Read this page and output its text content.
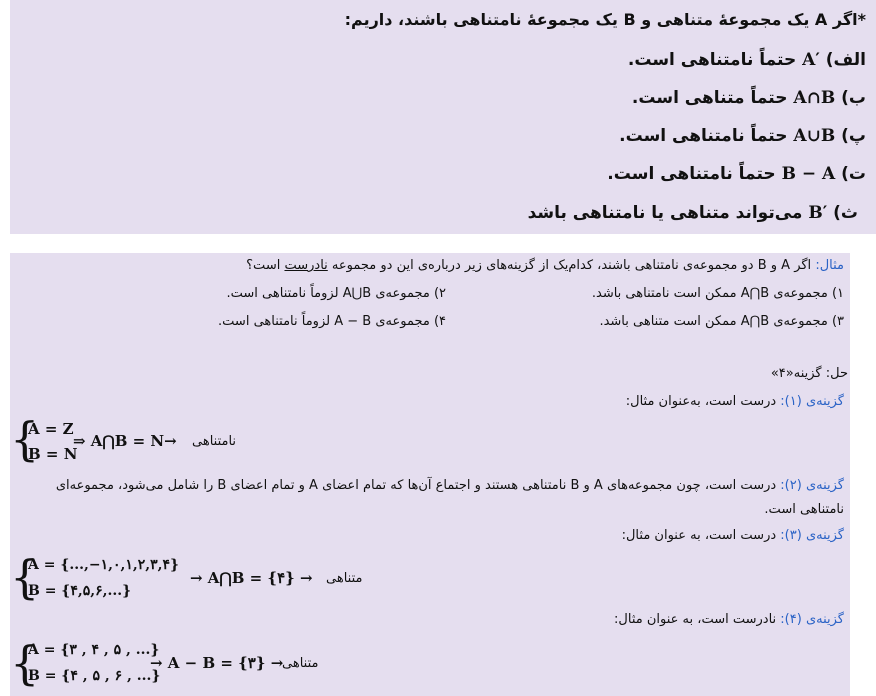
*اگر A یک مجموعهٔ متناهی و B یک مجموعهٔ نامتناهی باشند، داریم:
الف) A′ حتماً نامتناهی است.
ب) A∩B حتماً متناهی است.
پ) A∪B حتماً نامتناهی است.
ت) B − A حتماً نامتناهی است.
ث) B′ می‌تواند متناهی یا نامتناهی باشد
مثال: اگر A و B دو مجموعه‌ی نامتناهی باشند، کدام‌یک از گزینه‌های زیر درباره‌ی این دو مجموعه نادرست است؟
۱) مجموعه‌ی A⋂B ممکن است نامتناهی باشد.
۲) مجموعه‌ی A⋃B لزوماً نامتناهی است.
۳) مجموعه‌ی A⋂B ممکن است متناهی باشد.
۴) مجموعه‌ی A − B لزوماً نامتناهی است.
حل: گزینه«۴»
گزینه‌ی (۱): درست است، به‌عنوان مثال:
{
A = Z
B = N
⇒ A⋂B = N→ نامتناهی
گزینه‌ی (۲): درست است، چون مجموعه‌های A و B نامتناهی هستند و اجتماع آن‌ها که تمام اعضای A و تمام اعضای B را شامل می‌شود، مجموعه‌ای
نامتناهی است.
گزینه‌ی (۳): درست است، به عنوان مثال:
{
A = {...,−۱,۰,۱,۲,۳,۴}
B = {۴,۵,۶,...}
→ A⋂B = {۴} → متناهی
گزینه‌ی (۴): نادرست است، به عنوان مثال:
{
A = {۳ , ۴ , ۵ , ...}
B = {۴ , ۵ , ۶ , ...}
→ A − B = {۳} →
متناهی
